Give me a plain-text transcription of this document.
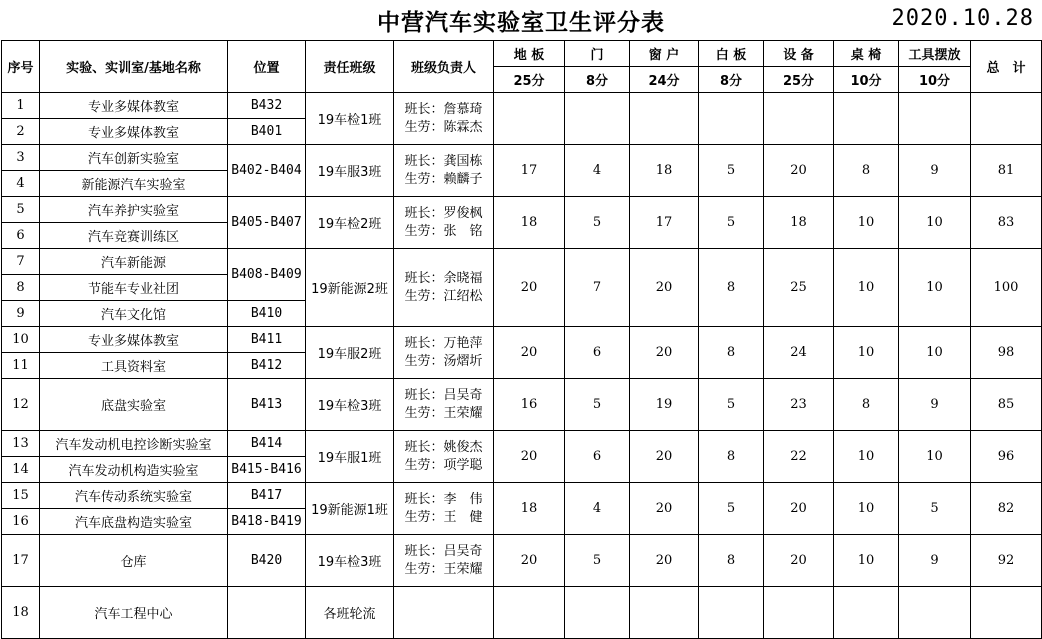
中营汽车实验室卫生评分表	2020.10.28
序号	实验、实训室/基地名称	位置	责任班级	班级负责人	地 板	门	窗 户	白 板	设 备	桌 椅	工具摆放	总　计
					25分	8分	24分	8分	25分	10分	10分	
1	专业多媒体教室	B432	19车检1班	班长：詹慕琦
生劳：陈霖杰								

2	专业多媒体教室	B401										
3	汽车创新实验室	B402-B404	19车服3班	班长：龚国栋
生劳：赖麟子	17	4	18	5	20	8	9	81
4	新能源汽车实验室											
5	汽车养护实验室	B405-B407	19车检2班	班长：罗俊枫
生劳：张　铭	18	5	17	5	18	10	10	83
6	汽车竞赛训练区											
7	汽车新能源	B408-B409	19新能源2班	班长：余晓福
生劳：江绍松	20	7	20	8	25	10	10	100
8	节能车专业社团											
9	汽车文化馆	B410										
10	专业多媒体教室	B411	19车服2班	班长：万艳萍
生劳：汤熠圻	20	6	20	8	24	10	10	98
11	工具资料室	B412										
12	底盘实验室	B413	19车检3班	班长：吕吴奇
生劳：王荣耀	16	5	19	5	23	8	9	85
13	汽车发动机电控诊断实验室	B414	19车服1班	班长：姚俊杰
生劳：项学聪	20	6	20	8	22	10	10	96
14	汽车发动机构造实验室	B415-B416										
15	汽车传动系统实验室	B417	19新能源1班	班长：李　伟
生劳：王　健	18	4	20	5	20	10	5	82
16	汽车底盘构造实验室	B418-B419										
17	仓库	B420	19车检3班	班长：吕吴奇
生劳：王荣耀	20	5	20	8	20	10	9	92
18	汽车工程中心		各班轮流	
